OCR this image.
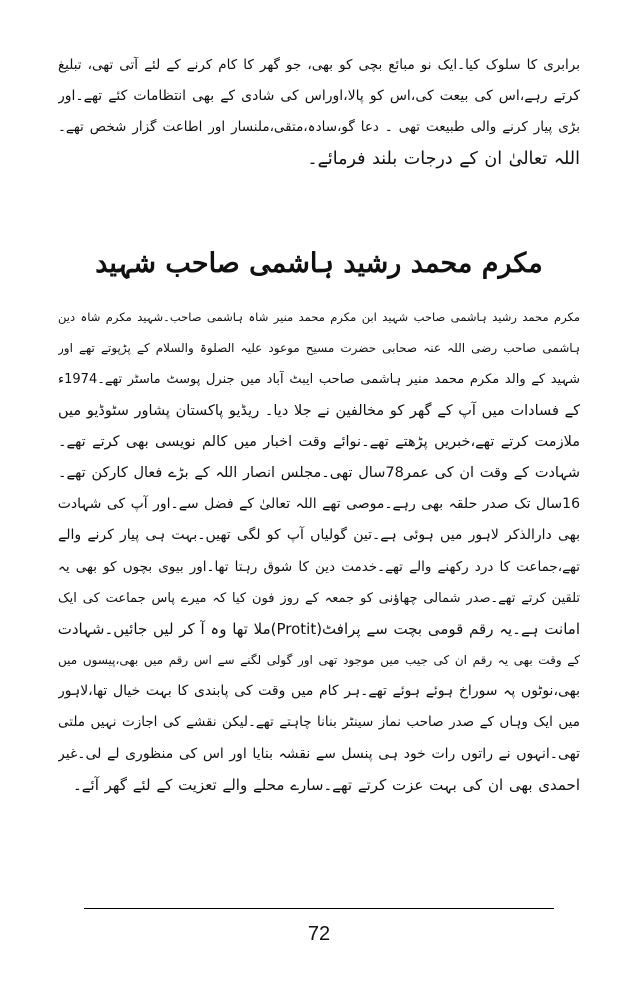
برابری کا سلوک کیا۔ایک نو مبائع بچی کو بھی، جو گھر کا کام کرنے کے لئے آتی تھی، تبلیغ
کرتے رہے،اس کی بیعت کی،اس کو پالا،اوراس کی شادی کے بھی انتظامات کئے تھے۔اور
بڑی پیار کرنے والی طبیعت تھی ۔ دعا گو،سادہ،متقی،ملنسار اور اطاعت گزار شخص تھے۔
اللہ تعالیٰ ان کے درجات بلند فرمائے۔
مکرم محمد رشید ہاشمی صاحب شہید
مکرم محمد رشید ہاشمی صاحب شہید ابن مکرم محمد منیر شاہ ہاشمی صاحب۔شہید مکرم شاہ دین
ہاشمی صاحب رضی اللہ عنہ صحابی حضرت مسیح موعود علیہ الصلوۃ والسلام کے پڑپوتے تھے اور
شہید کے والد مکرم محمد منیر ہاشمی صاحب ایبٹ آباد میں جنرل پوسٹ ماسٹر تھے۔1974ء
کے فسادات میں آپ کے گھر کو مخالفین نے جلا دیا۔ ریڈیو پاکستان پشاور سٹوڈیو میں
ملازمت کرتے تھے،خبریں پڑھتے تھے۔نوائے وقت اخبار میں کالم نویسی بھی کرتے تھے۔
شہادت کے وقت ان کی عمر78سال تھی۔مجلس انصار اللہ کے بڑے فعال کارکن تھے۔
16سال تک صدر حلقہ بھی رہے۔موصی تھے اللہ تعالیٰ کے فضل سے۔اور آپ کی شہادت
بھی دارالذکر لاہور میں ہوئی ہے۔تین گولیاں آپ کو لگی تھیں۔بہت ہی پیار کرنے والے
تھے،جماعت کا درد رکھنے والے تھے۔خدمت دین کا شوق رہتا تھا۔اور بیوی بچوں کو بھی یہ
تلقین کرتے تھے۔صدر شمالی چھاؤنی کو جمعہ کے روز فون کیا کہ میرے پاس جماعت کی ایک
امانت ہے۔یہ رقم قومی بچت سے پرافٹ(Protit)ملا تھا وہ آ کر لیں جائیں۔شہادت
کے وقت بھی یہ رقم ان کی جیب میں موجود تھی اور گولی لگنے سے اس رقم میں بھی،پیسوں میں
بھی،نوٹوں پہ سوراخ ہوئے ہوئے تھے۔ہر کام میں وقت کی پابندی کا بہت خیال تھا،لاہور
میں ایک وہاں کے صدر صاحب نماز سینٹر بنانا چاہتے تھے۔لیکن نقشے کی اجازت نہیں ملتی
تھی۔انہوں نے راتوں رات خود ہی پنسل سے نقشہ بنایا اور اس کی منظوری لے لی۔غیر
احمدی بھی ان کی بہت عزت کرتے تھے۔سارے محلے والے تعزیت کے لئے گھر آئے۔
72
